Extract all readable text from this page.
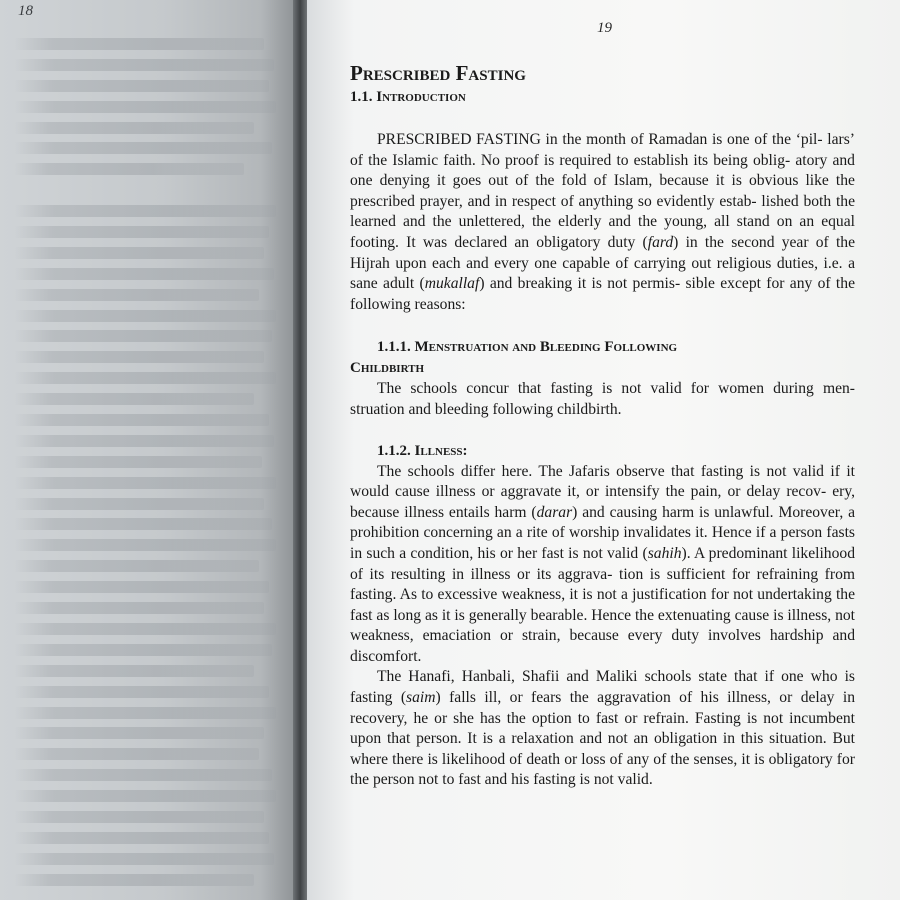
18
19
Prescribed Fasting
1.1. Introduction

PRESCRIBED FASTING in the month of Ramadan is one of the ‘pil- lars’ of the Islamic faith. No proof is required to establish its being oblig- atory and one denying it goes out of the fold of Islam, because it is obvious like the prescribed prayer, and in respect of anything so evidently estab- lished both the learned and the unlettered, the elderly and the young, all stand on an equal footing. It was declared an obligatory duty (fard) in the second year of the Hijrah upon each and every one capable of carrying out religious duties, i.e. a sane adult (mukallaf) and breaking it is not permis- sible except for any of the following reasons:

1.1.1. Menstruation and Bleeding Following
Childbirth

The schools concur that fasting is not valid for women during men- struation and bleeding following childbirth.

1.1.2. Illness:

The schools differ here. The Jafaris observe that fasting is not valid if it would cause illness or aggravate it, or intensify the pain, or delay recov- ery, because illness entails harm (darar) and causing harm is unlawful. Moreover, a prohibition concerning an a rite of worship invalidates it. Hence if a person fasts in such a condition, his or her fast is not valid (sahih). A predominant likelihood of its resulting in illness or its aggrava- tion is sufficient for refraining from fasting. As to excessive weakness, it is not a justification for not undertaking the fast as long as it is generally bearable. Hence the extenuating cause is illness, not weakness, emaciation or strain, because every duty involves hardship and discomfort.

The Hanafi, Hanbali, Shafii and Maliki schools state that if one who is fasting (saim) falls ill, or fears the aggravation of his illness, or delay in recovery, he or she has the option to fast or refrain. Fasting is not incumbent upon that person. It is a relaxation and not an obligation in this situation. But where there is likelihood of death or loss of any of the senses, it is obligatory for the person not to fast and his fasting is not valid.
